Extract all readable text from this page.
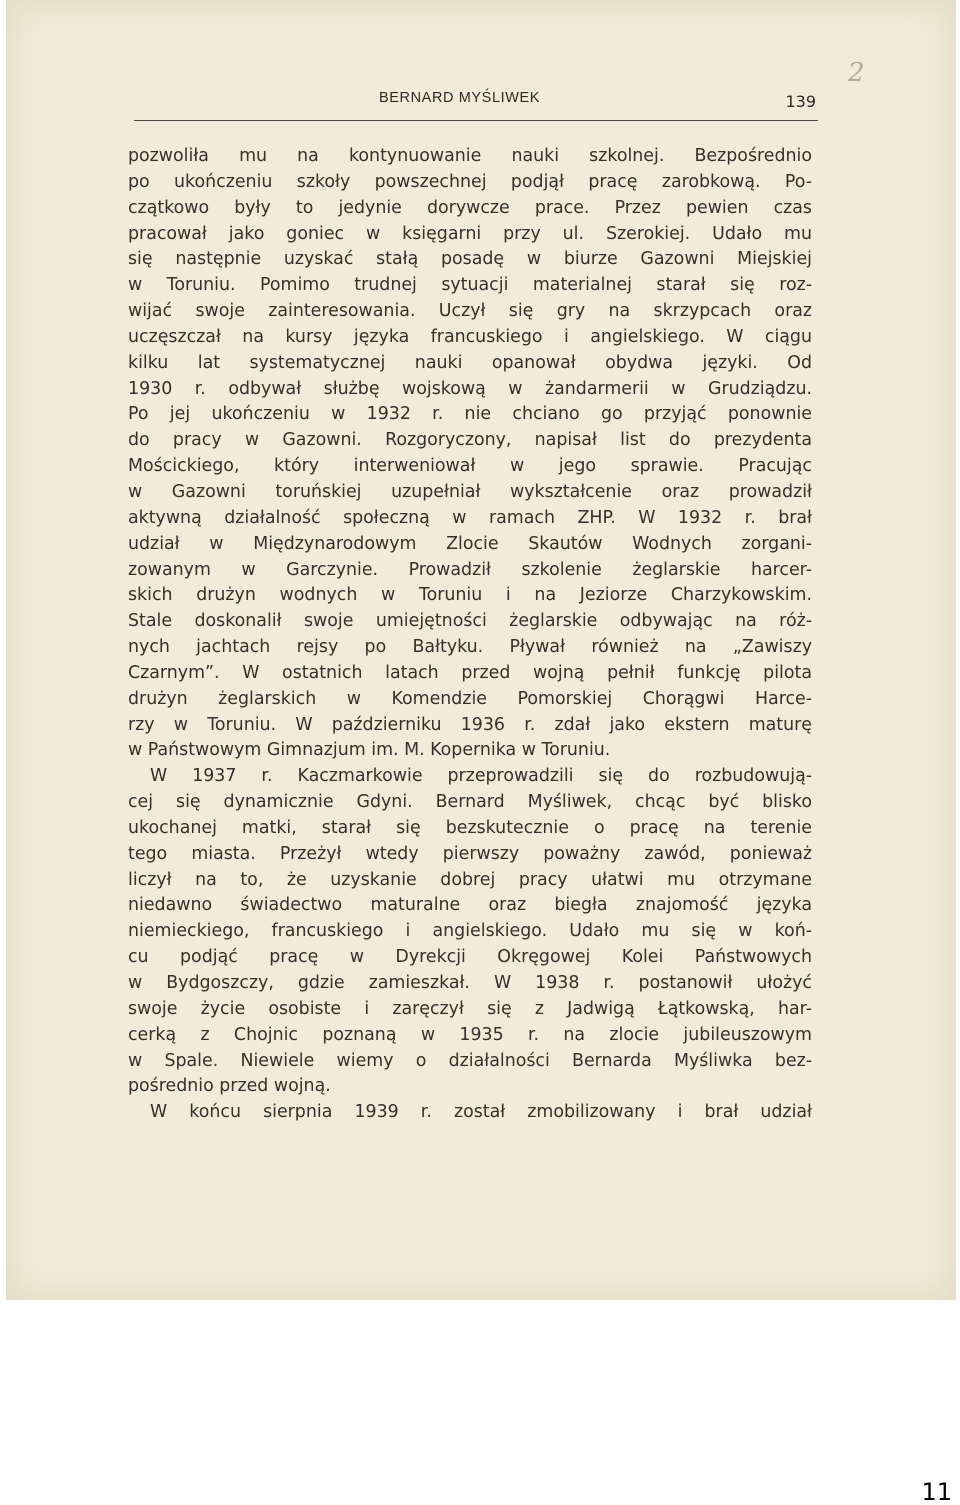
2
BERNARD MYŚLIWEK	139
pozwoliła mu na kontynuowanie nauki szkolnej. Bezpośrednio
po ukończeniu szkoły powszechnej podjął pracę zarobkową. Po-
czątkowo były to jedynie dorywcze prace. Przez pewien czas
pracował jako goniec w księgarni przy ul. Szerokiej. Udało mu
się następnie uzyskać stałą posadę w biurze Gazowni Miejskiej
w Toruniu. Pomimo trudnej sytuacji materialnej starał się roz-
wijać swoje zainteresowania. Uczył się gry na skrzypcach oraz
uczęszczał na kursy języka francuskiego i angielskiego. W ciągu
kilku lat systematycznej nauki opanował obydwa języki. Od
1930 r. odbywał służbę wojskową w żandarmerii w Grudziądzu.
Po jej ukończeniu w 1932 r. nie chciano go przyjąć ponownie
do pracy w Gazowni. Rozgoryczony, napisał list do prezydenta
Mościckiego, który interweniował w jego sprawie. Pracując
w Gazowni toruńskiej uzupełniał wykształcenie oraz prowadził
aktywną działalność społeczną w ramach ZHP. W 1932 r. brał
udział w Międzynarodowym Zlocie Skautów Wodnych zorgani-
zowanym w Garczynie. Prowadził szkolenie żeglarskie harcer-
skich drużyn wodnych w Toruniu i na Jeziorze Charzykowskim.
Stale doskonalił swoje umiejętności żeglarskie odbywając na róż-
nych jachtach rejsy po Bałtyku. Pływał również na „Zawiszy
Czarnym”. W ostatnich latach przed wojną pełnił funkcję pilota
drużyn żeglarskich w Komendzie Pomorskiej Chorągwi Harce-
rzy w Toruniu. W październiku 1936 r. zdał jako ekstern maturę
w Państwowym Gimnazjum im. M. Kopernika w Toruniu.
W 1937 r. Kaczmarkowie przeprowadzili się do rozbudowują-
cej się dynamicznie Gdyni. Bernard Myśliwek, chcąc być blisko
ukochanej matki, starał się bezskutecznie o pracę na terenie
tego miasta. Przeżył wtedy pierwszy poważny zawód, ponieważ
liczył na to, że uzyskanie dobrej pracy ułatwi mu otrzymane
niedawno świadectwo maturalne oraz biegła znajomość języka
niemieckiego, francuskiego i angielskiego. Udało mu się w koń-
cu podjąć pracę w Dyrekcji Okręgowej Kolei Państwowych
w Bydgoszczy, gdzie zamieszkał. W 1938 r. postanowił ułożyć
swoje życie osobiste i zaręczył się z Jadwigą Łątkowską, har-
cerką z Chojnic poznaną w 1935 r. na zlocie jubileuszowym
w Spale. Niewiele wiemy o działalności Bernarda Myśliwka bez-
pośrednio przed wojną.
W końcu sierpnia 1939 r. został zmobilizowany i brał udział
11
